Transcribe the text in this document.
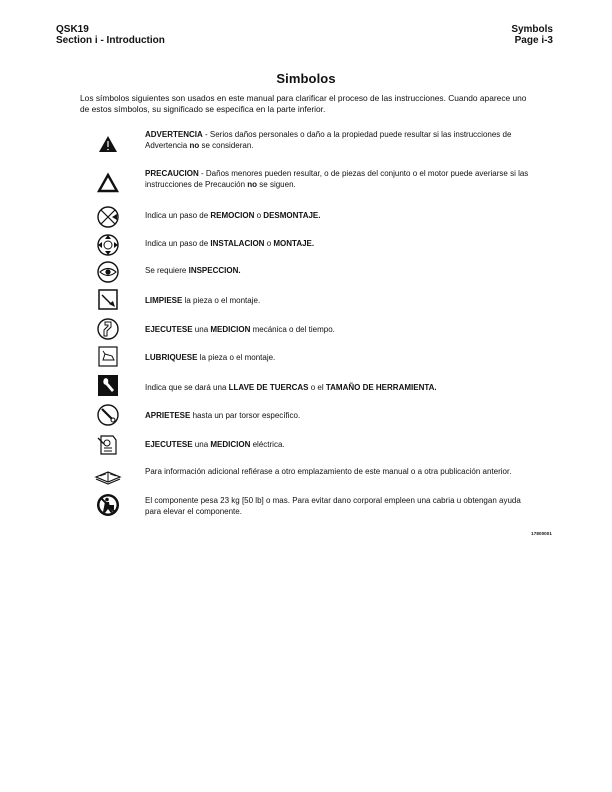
QSK19
Section i - Introduction
Symbols
Page i-3
Simbolos
Los símbolos siguientes son usados en este manual para clarificar el proceso de las instrucciones. Cuando aparece uno de estos símbolos, su significado se especifica en la parte inferior.
ADVERTENCIA - Serios daños personales o daño a la propiedad puede resultar si las instrucciones de Advertencia no se consideran.
PRECAUCION - Daños menores pueden resultar, o de piezas del conjunto o el motor puede averiarse si las instrucciones de Precaución no se siguen.
Indica un paso de REMOCION o DESMONTAJE.
Indica un paso de INSTALACION o MONTAJE.
Se requiere INSPECCION.
LIMPIESE la pieza o el montaje.
EJECUTESE una MEDICION mecánica o del tiempo.
LUBRIQUESE la pieza o el montaje.
Indica que se dará una LLAVE DE TUERCAS o el TAMAÑO DE HERRAMIENTA.
APRIETESE hasta un par torsor específico.
EJECUTESE una MEDICION eléctrica.
Para información adicional refiérase a otro emplazamiento de este manual o a otra publicación anterior.
El componente pesa 23 kg [50 lb] o mas. Para evitar dano corporal empleen una cabria u obtengan ayuda para elevar el componente.
17800001
